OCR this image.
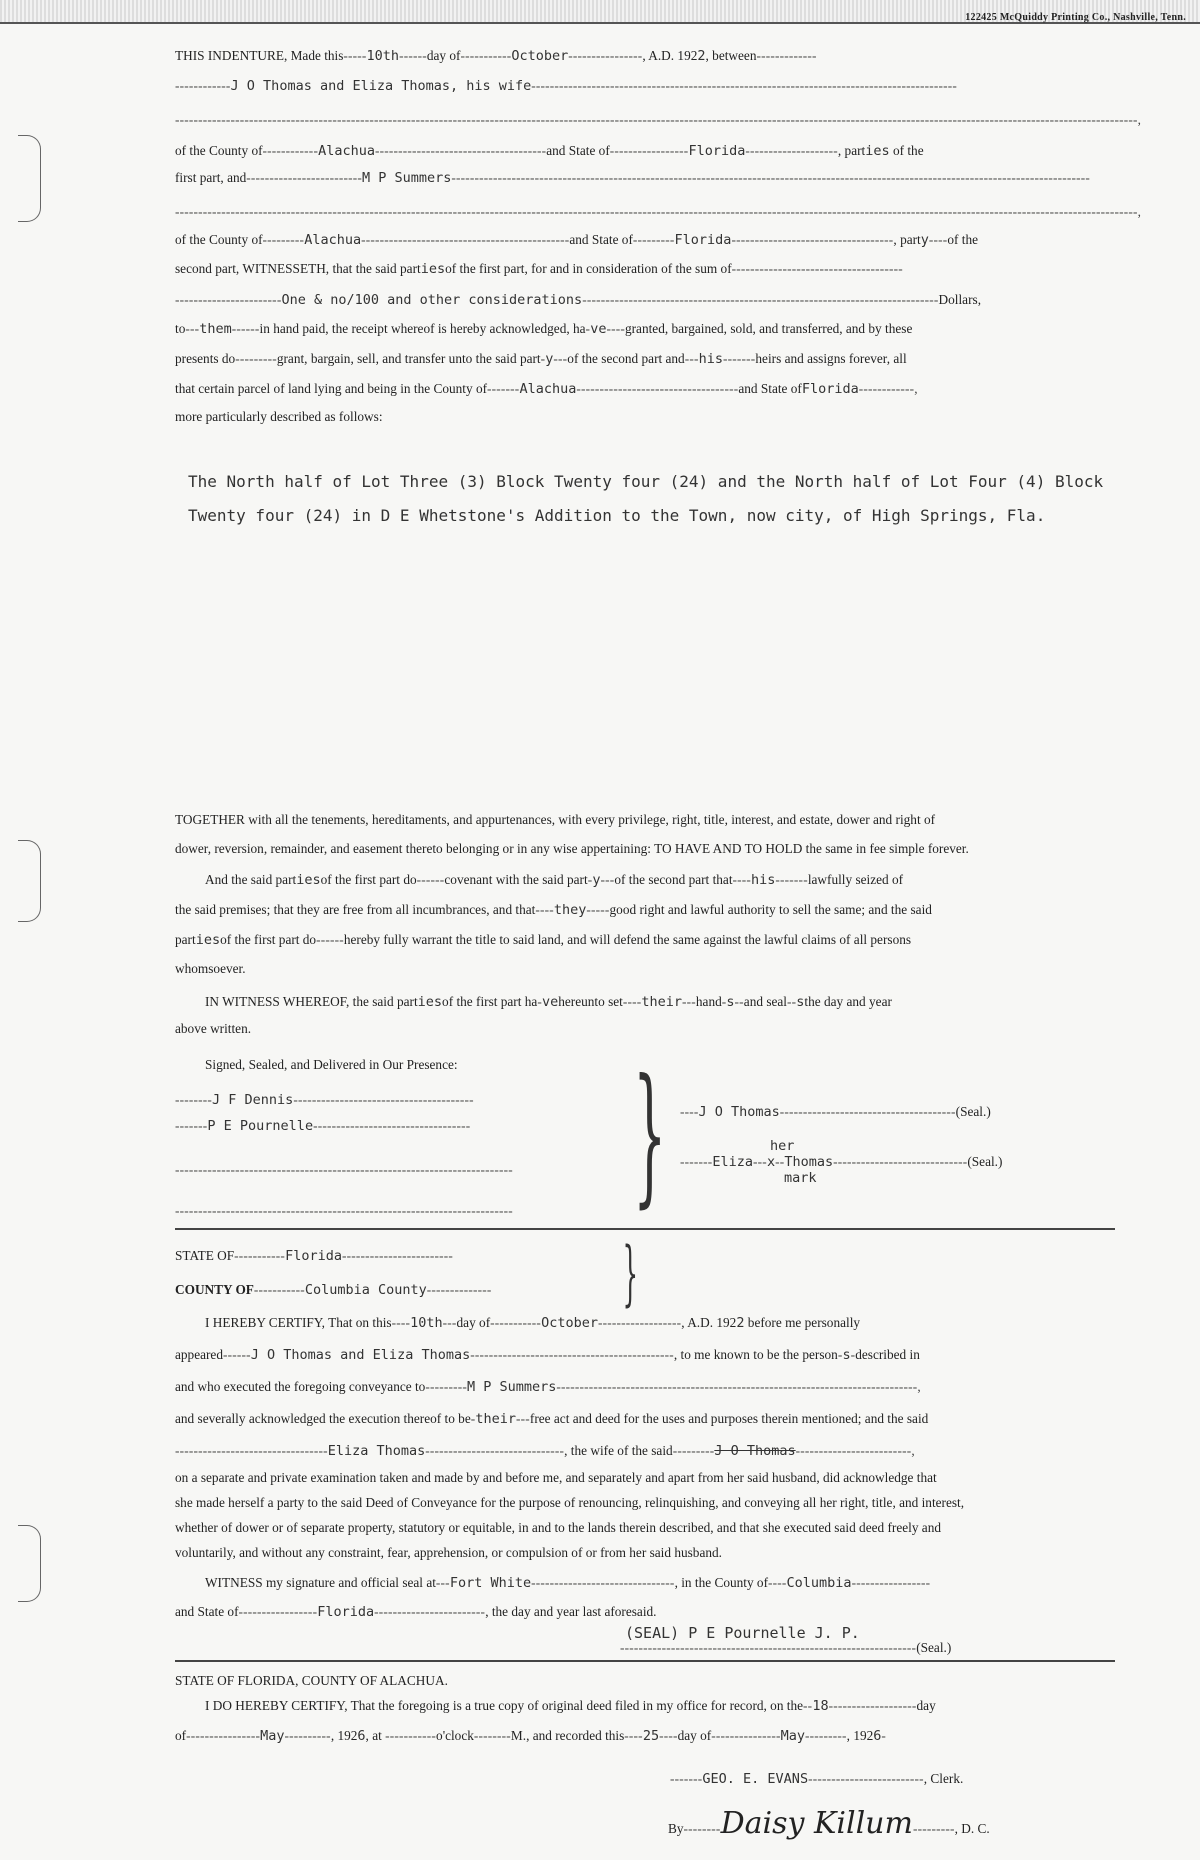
122425 McQuiddy Printing Co., Nashville, Tenn.
THIS INDENTURE, Made this-----10th------day of-----------October----------------, A.D. 1922, between-------------
------------J O Thomas and Eliza Thomas, his wife--------------------------------------------------------------------------------------------
----------------------------------------------------------------------------------------------------------------------------------------------------------------------------------------------------------------,
of the County of------------Alachua-------------------------------------and State of-----------------Florida--------------------, parties of the
first part, and-------------------------M P Summers------------------------------------------------------------------------------------------------------------------------------------------
----------------------------------------------------------------------------------------------------------------------------------------------------------------------------------------------------------------,
of the County of---------Alachua---------------------------------------------and State of---------Florida-----------------------------------, party----of the
second part, WITNESSETH, that the said partiesof the first part, for and in consideration of the sum of-------------------------------------
-----------------------One & no/100 and other considerations-----------------------------------------------------------------------------Dollars,
to---them------in hand paid, the receipt whereof is hereby acknowledged, ha-ve----granted, bargained, sold, and transferred, and by these
presents do---------grant, bargain, sell, and transfer unto the said part-y---of the second part and---his-------heirs and assigns forever, all
that certain parcel of land lying and being in the County of-------Alachua-----------------------------------and State ofFlorida------------,
more particularly described as follows:
The North half of Lot Three (3) Block Twenty four (24) and the North half of Lot Four (4) Block Twenty four (24) in D E Whetstone's Addition to the Town, now city, of High Springs, Fla.
TOGETHER with all the tenements, hereditaments, and appurtenances, with every privilege, right, title, interest, and estate, dower and right of
dower, reversion, remainder, and easement thereto belonging or in any wise appertaining: TO HAVE AND TO HOLD the same in fee simple forever.
And the said partiesof the first part do------covenant with the said part-y---of the second part that----his-------lawfully seized of
the said premises; that they are free from all incumbrances, and that----they-----good right and lawful authority to sell the same; and the said
partiesof the first part do------hereby fully warrant the title to said land, and will defend the same against the lawful claims of all persons
whomsoever.
IN WITNESS WHEREOF, the said partiesof the first part ha-vehereunto set----their---hand-s--and seal--sthe day and year
above written.
Signed, Sealed, and Delivered in Our Presence:
--------J F Dennis---------------------------------------
-------P E Pournelle----------------------------------
-------------------------------------------------------------------------
------------------------------------------------------------------------- } ----J O Thomas--------------------------------------(Seal.)
her
-------Eliza---x--Thomas-----------------------------(Seal.)
mark
STATE OF-----------Florida------------------------
COUNTY OF-----------Columbia County--------------	}
I HEREBY CERTIFY, That on this----10th---day of-----------October------------------, A.D. 1922 before me personally
appeared------J O Thomas and Eliza Thomas--------------------------------------------, to me known to be the person-s-described in
and who executed the foregoing conveyance to---------M P Summers------------------------------------------------------------------------------,
and severally acknowledged the execution thereof to be-their---free act and deed for the uses and purposes therein mentioned; and the said
---------------------------------Eliza Thomas------------------------------, the wife of the said---------J O Thomas-------------------------,
on a separate and private examination taken and made by and before me, and separately and apart from her said husband, did acknowledge that
she made herself a party to the said Deed of Conveyance for the purpose of renouncing, relinquishing, and conveying all her right, title, and interest,
whether of dower or of separate property, statutory or equitable, in and to the lands therein described, and that she executed said deed freely and
voluntarily, and without any constraint, fear, apprehension, or compulsion of or from her said husband.
WITNESS my signature and official seal at---Fort White-------------------------------, in the County of----Columbia-----------------
and State of-----------------Florida------------------------, the day and year last aforesaid.
(SEAL) P E Pournelle J. P.
----------------------------------------------------------------(Seal.)
STATE OF FLORIDA, COUNTY OF ALACHUA.
I DO HEREBY CERTIFY, That the foregoing is a true copy of original deed filed in my office for record, on the--18-------------------day
of----------------May----------, 1926, at -----------o'clock--------M., and recorded this----25----day of---------------May---------, 1926-
-------GEO. E. EVANS-------------------------, Clerk.
By--------Daisy Killum---------, D. C.
